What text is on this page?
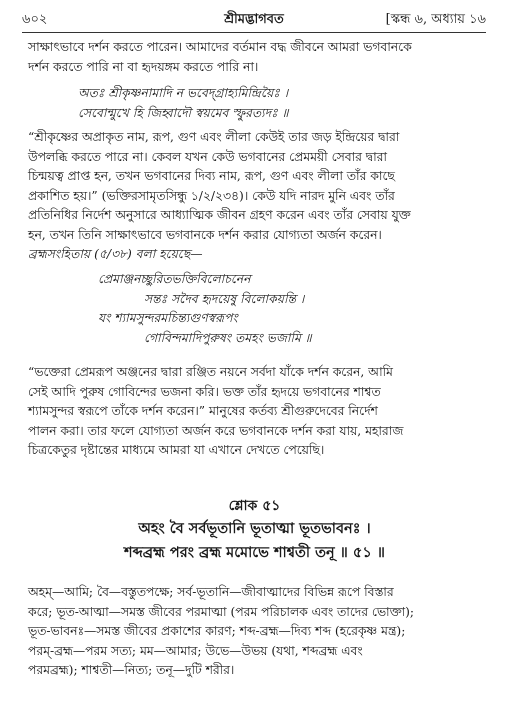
৬০২	শ্রীমদ্ভাগবত	[স্কন্ধ ৬, অধ্যায় ১৬
সাক্ষাৎভাবে দর্শন করতে পারেন। আমাদের বর্তমান বদ্ধ জীবনে আমরা ভগবানকে
দর্শন করতে পারি না বা হৃদয়ঙ্গম করতে পারি না।
অতঃ শ্রীকৃষ্ণনামাদি ন ভবেদ্গ্রাহ্যমিন্দ্রিয়ৈঃ ।
সেবোন্মুখে হি জিহ্বাদৌ স্বয়মেব স্ফুরত্যদঃ ॥
“শ্রীকৃষ্ণের অপ্রাকৃত নাম, রূপ, গুণ এবং লীলা কেউই তার জড় ইন্দ্রিয়ের দ্বারা
উপলব্ধি করতে পারে না। কেবল যখন কেউ ভগবানের প্রেমময়ী সেবার দ্বারা
চিন্ময়ত্ব প্রাপ্ত হন, তখন ভগবানের দিব্য নাম, রূপ, গুণ এবং লীলা তাঁর কাছে
প্রকাশিত হয়।” (ভক্তিরসামৃতসিন্ধু ১/২/২৩৪)। কেউ যদি নারদ মুনি এবং তাঁর
প্রতিনিধির নির্দেশ অনুসারে আধ্যাত্মিক জীবন গ্রহণ করেন এবং তাঁর সেবায় যুক্ত
হন, তখন তিনি সাক্ষাৎভাবে ভগবানকে দর্শন করার যোগ্যতা অর্জন করেন।
ব্রহ্মসংহিতায় (৫/৩৮) বলা হয়েছে—
প্রেমাঞ্জনচ্ছুরিতভক্তিবিলোচনেন
সন্তঃ সদৈব হৃদয়েষু বিলোকয়ন্তি ।
যং শ্যামসুন্দরমচিন্ত্যগুণস্বরূপং
গোবিন্দমাদিপুরুষং তমহং ভজামি ॥
“ভক্তেরা প্রেমরূপ অঞ্জনের দ্বারা রঞ্জিত নয়নে সর্বদা যাঁকে দর্শন করেন, আমি
সেই আদি পুরুষ গোবিন্দের ভজনা করি। ভক্ত তাঁর হৃদয়ে ভগবানের শাশ্বত
শ্যামসুন্দর স্বরূপে তাঁকে দর্শন করেন।” মানুষের কর্তব্য শ্রীগুরুদেবের নির্দেশ
পালন করা। তার ফলে যোগ্যতা অর্জন করে ভগবানকে দর্শন করা যায়, মহারাজ
চিত্রকেতুর দৃষ্টান্তের মাধ্যমে আমরা যা এখানে দেখতে পেয়েছি।
শ্লোক ৫১
অহং বৈ সর্বভূতানি ভূতাত্মা ভূতভাবনঃ ।
শব্দব্রহ্ম পরং ব্রহ্ম মমোভে শাশ্বতী তনূ ॥ ৫১ ॥
অহম্—আমি; বৈ—বস্তুতপক্ষে; সর্ব-ভূতানি—জীবাত্মাদের বিভিন্ন রূপে বিস্তার
করে; ভূত-আত্মা—সমস্ত জীবের পরমাত্মা (পরম পরিচালক এবং তাদের ভোক্তা);
ভূত-ভাবনঃ—সমস্ত জীবের প্রকাশের কারণ; শব্দ-ব্রহ্ম—দিব্য শব্দ (হরেকৃষ্ণ মন্ত্র);
পরম্-ব্রহ্ম—পরম সত্য; মম—আমার; উভে—উভয় (যথা, শব্দব্রহ্ম এবং
পরমব্রহ্ম); শাশ্বতী—নিত্য; তনূ—দুটি শরীর।
